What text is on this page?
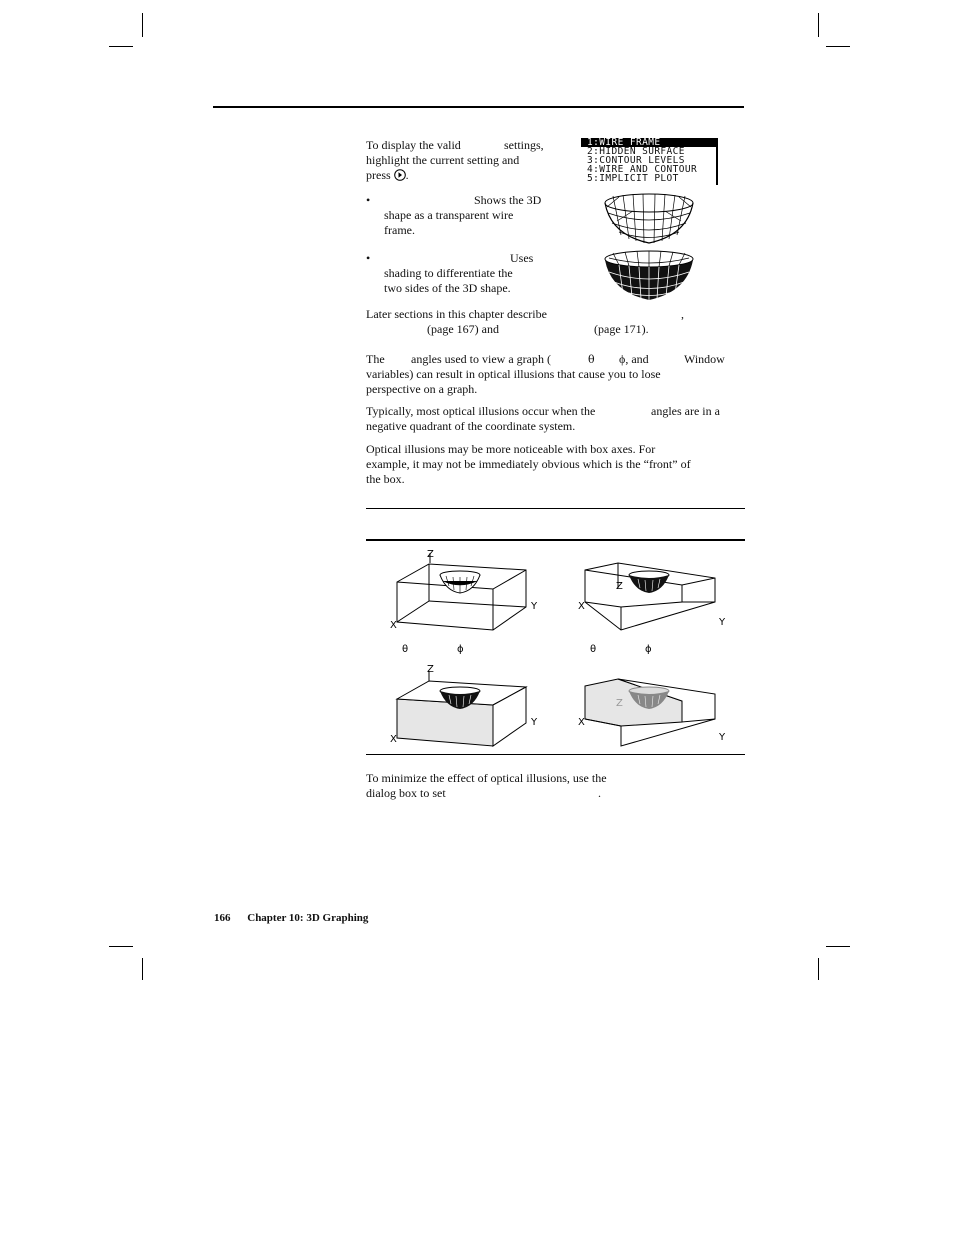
To display the valid	settings,
highlight the current setting and
press .
1:WIRE FRAME
2:HIDDEN SURFACE
3:CONTOUR LEVELS
4:WIRE AND CONTOUR
5:IMPLICIT PLOT
•	Shows the 3D
shape as a transparent wire
frame.
•	Uses
shading to differentiate the
two sides of the 3D shape.
Later sections in this chapter describe	,
(page 167) and	(page 171).
The angles used to view a graph (	θ ϕ, and	Window
variables) can result in optical illusions that cause you to lose
perspective on a graph.
Typically, most optical illusions occur when the	angles are in a
negative quadrant of the coordinate system.
Optical illusions may be more noticeable with box axes. For
example, it may not be immediately obvious which is the “front” of
the box.
Z
X
Y
θ	ϕ
Z
X
Y
θ	ϕ
Z
X
Y
Z
X
Y
To minimize the effect of optical illusions, use the
dialog box to set	.
166 Chapter 10: 3D Graphing
